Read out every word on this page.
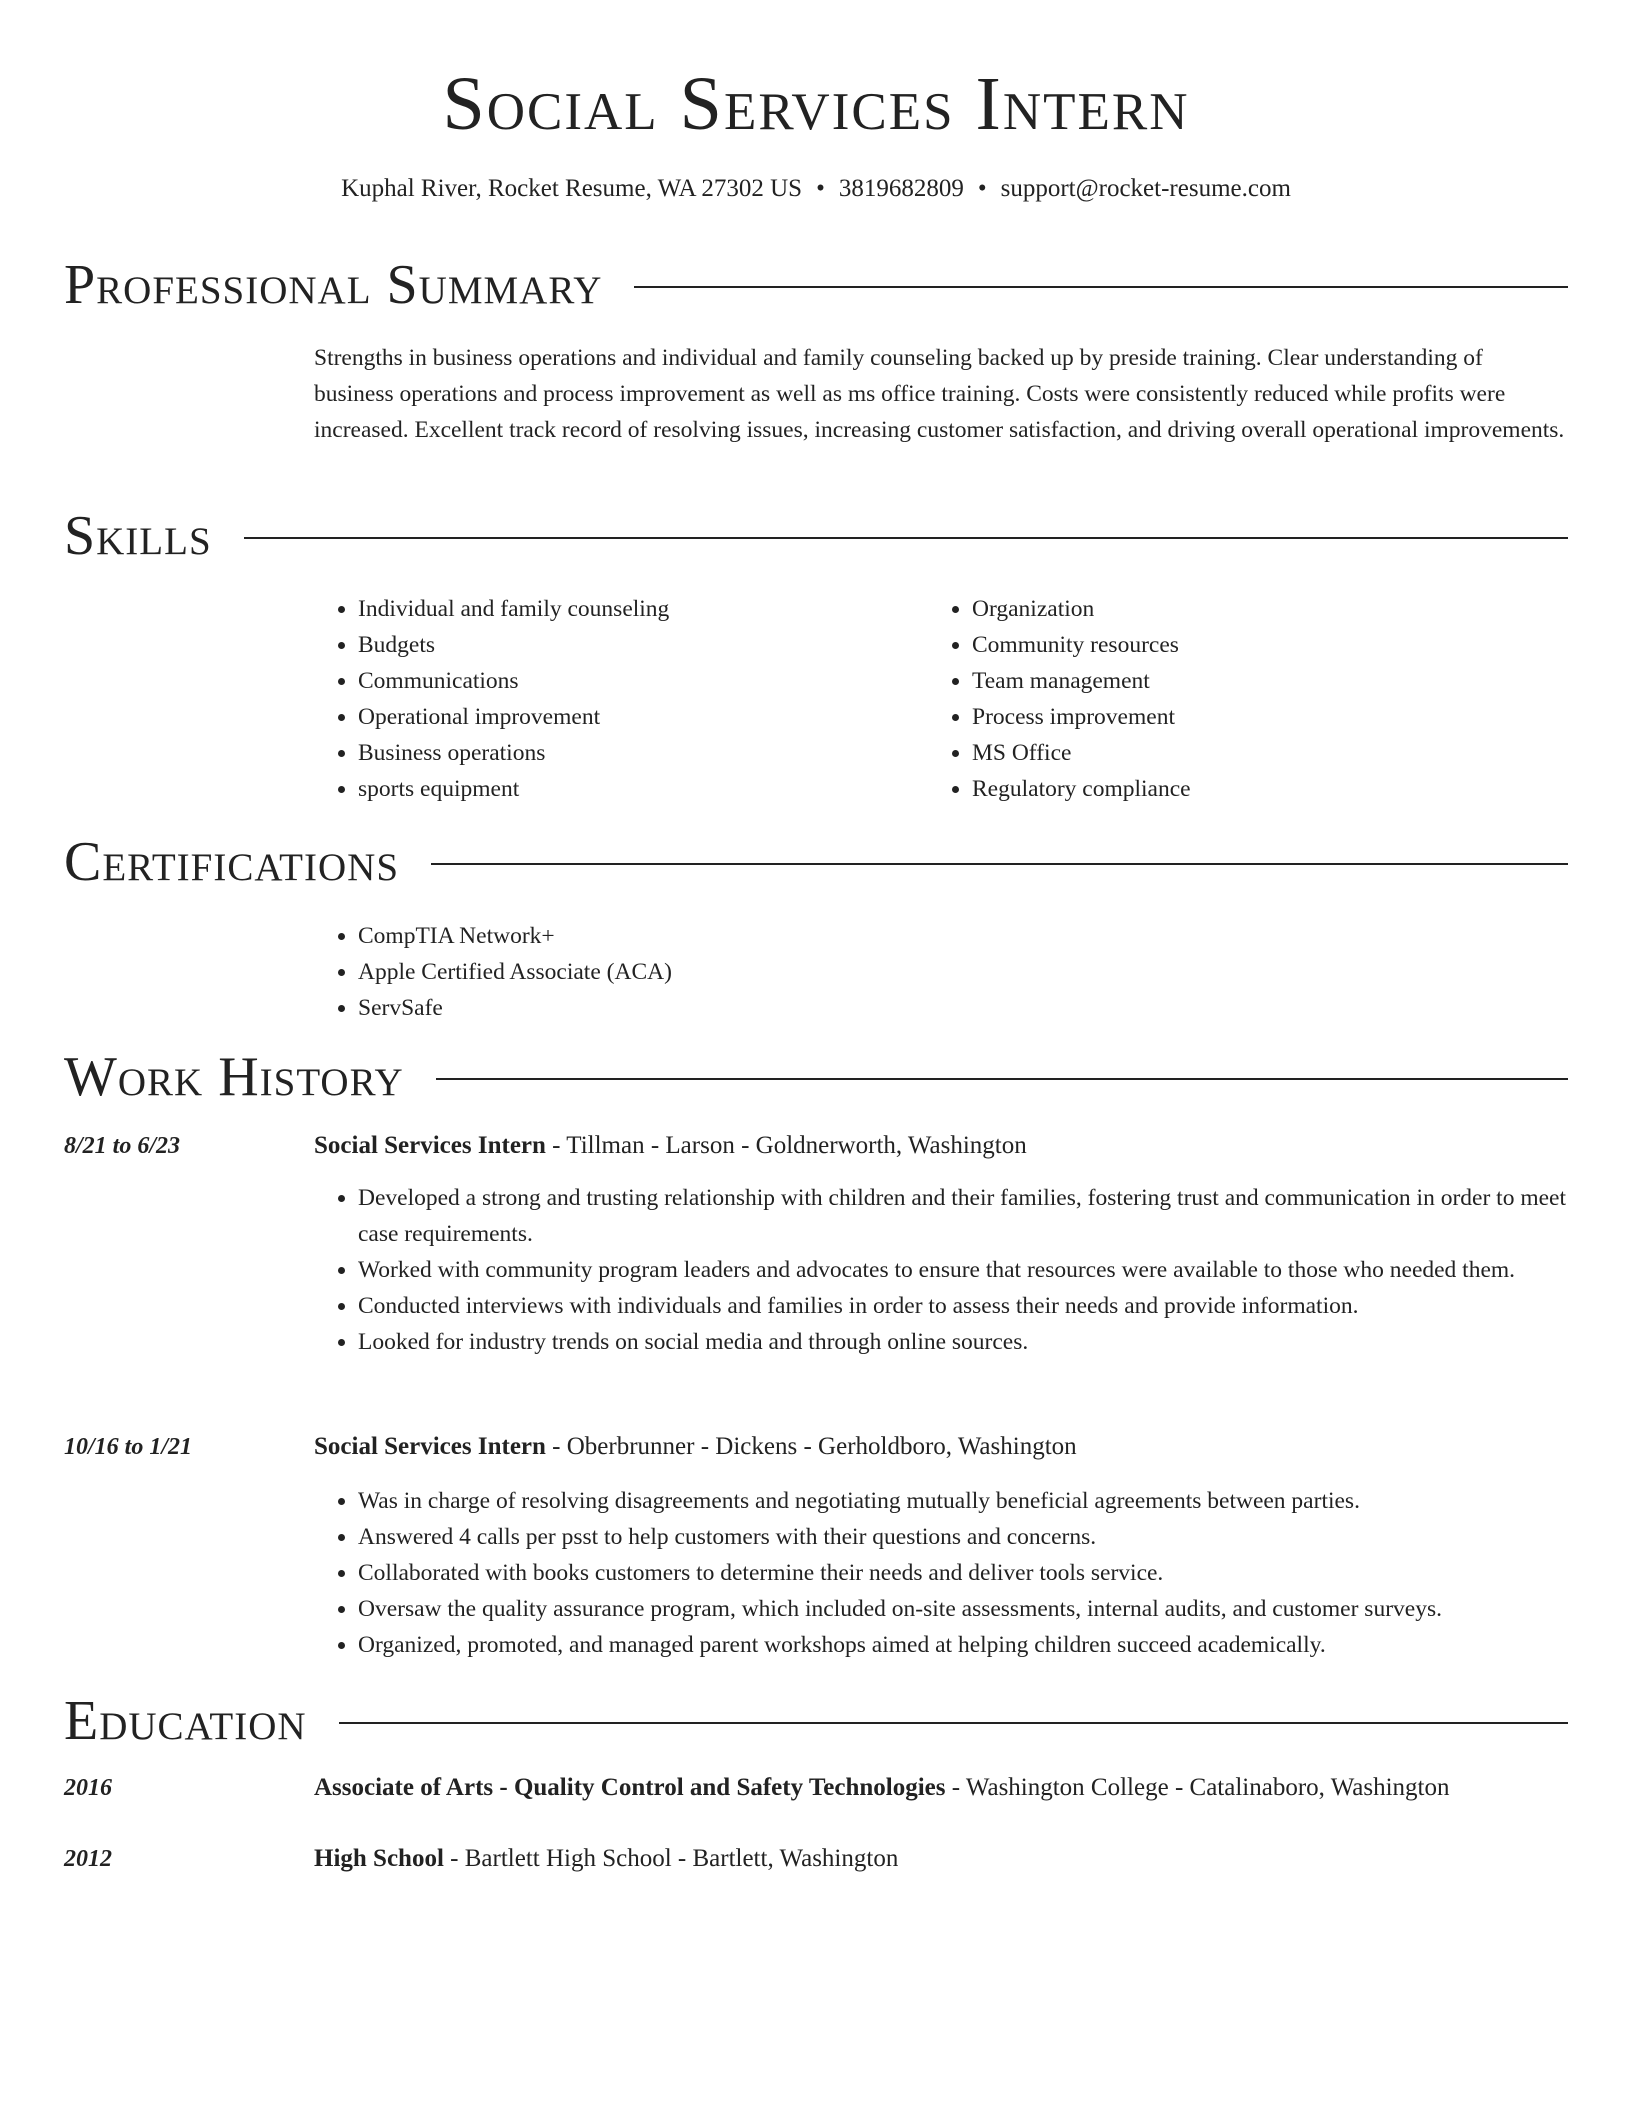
Social Services Intern
Kuphal River, Rocket Resume, WA 27302 US • 3819682809 • support@rocket-resume.com
Professional Summary
Strengths in business operations and individual and family counseling backed up by preside training. Clear understanding of business operations and process improvement as well as ms office training. Costs were consistently reduced while profits were increased. Excellent track record of resolving issues, increasing customer satisfaction, and driving overall operational improvements.
Skills
• Individual and family counseling
• Budgets
• Communications
• Operational improvement
• Business operations
• sports equipment
• Organization
• Community resources
• Team management
• Process improvement
• MS Office
• Regulatory compliance
Certifications
• CompTIA Network+
• Apple Certified Associate (ACA)
• ServSafe
Work History
8/21 to 6/23	Social Services Intern - Tillman - Larson - Goldnerworth, Washington
• Developed a strong and trusting relationship with children and their families, fostering trust and communication in order to meet case requirements.
• Worked with community program leaders and advocates to ensure that resources were available to those who needed them.
• Conducted interviews with individuals and families in order to assess their needs and provide information.
• Looked for industry trends on social media and through online sources.
10/16 to 1/21	Social Services Intern - Oberbrunner - Dickens - Gerholdboro, Washington
• Was in charge of resolving disagreements and negotiating mutually beneficial agreements between parties.
• Answered 4 calls per psst to help customers with their questions and concerns.
• Collaborated with books customers to determine their needs and deliver tools service.
• Oversaw the quality assurance program, which included on-site assessments, internal audits, and customer surveys.
• Organized, promoted, and managed parent workshops aimed at helping children succeed academically.
Education
2016	Associate of Arts - Quality Control and Safety Technologies - Washington College - Catalinaboro, Washington
2012	High School - Bartlett High School - Bartlett, Washington
